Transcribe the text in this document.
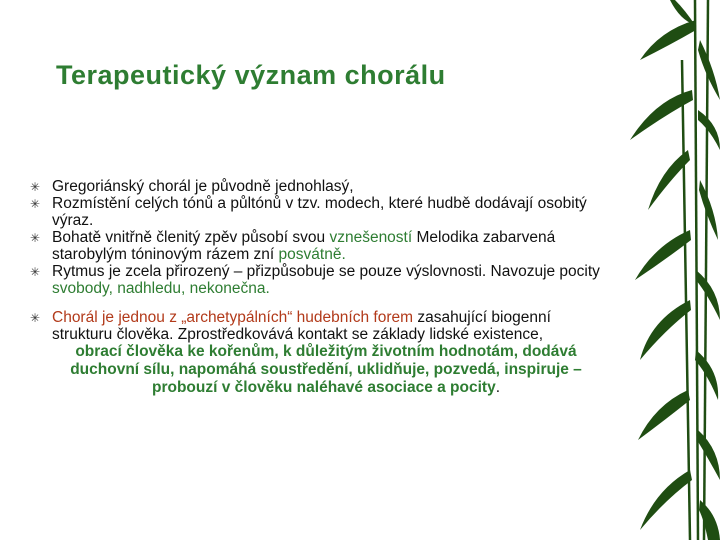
Terapeutický význam chorálu
✳ Gregoriánský chorál je původně jednohlasý,
✳ Rozmístění celých tónů a půltónů v tzv. modech, které hudbě dodávají osobitý výraz.
✳ Bohatě vnitřně členitý zpěv působí svou vznešeností Melodika zabarvená starobylým tóninovým rázem zní posvátně.
✳ Rytmus je zcela přirozený – přizpůsobuje se pouze výslovnosti. Navozuje pocity svobody, nadhledu, nekonečna.
✳ Chorál je jednou z „archetypálních“ hudebních forem zasahující biogenní strukturu člověka. Zprostředkovává kontakt se základy lidské existence,
obrací člověka ke kořenům, k důležitým životním hodnotám, dodává duchovní sílu, napomáhá soustředění, uklidňuje, pozvedá, inspiruje – probouzí v člověku naléhavé asociace a pocity.
